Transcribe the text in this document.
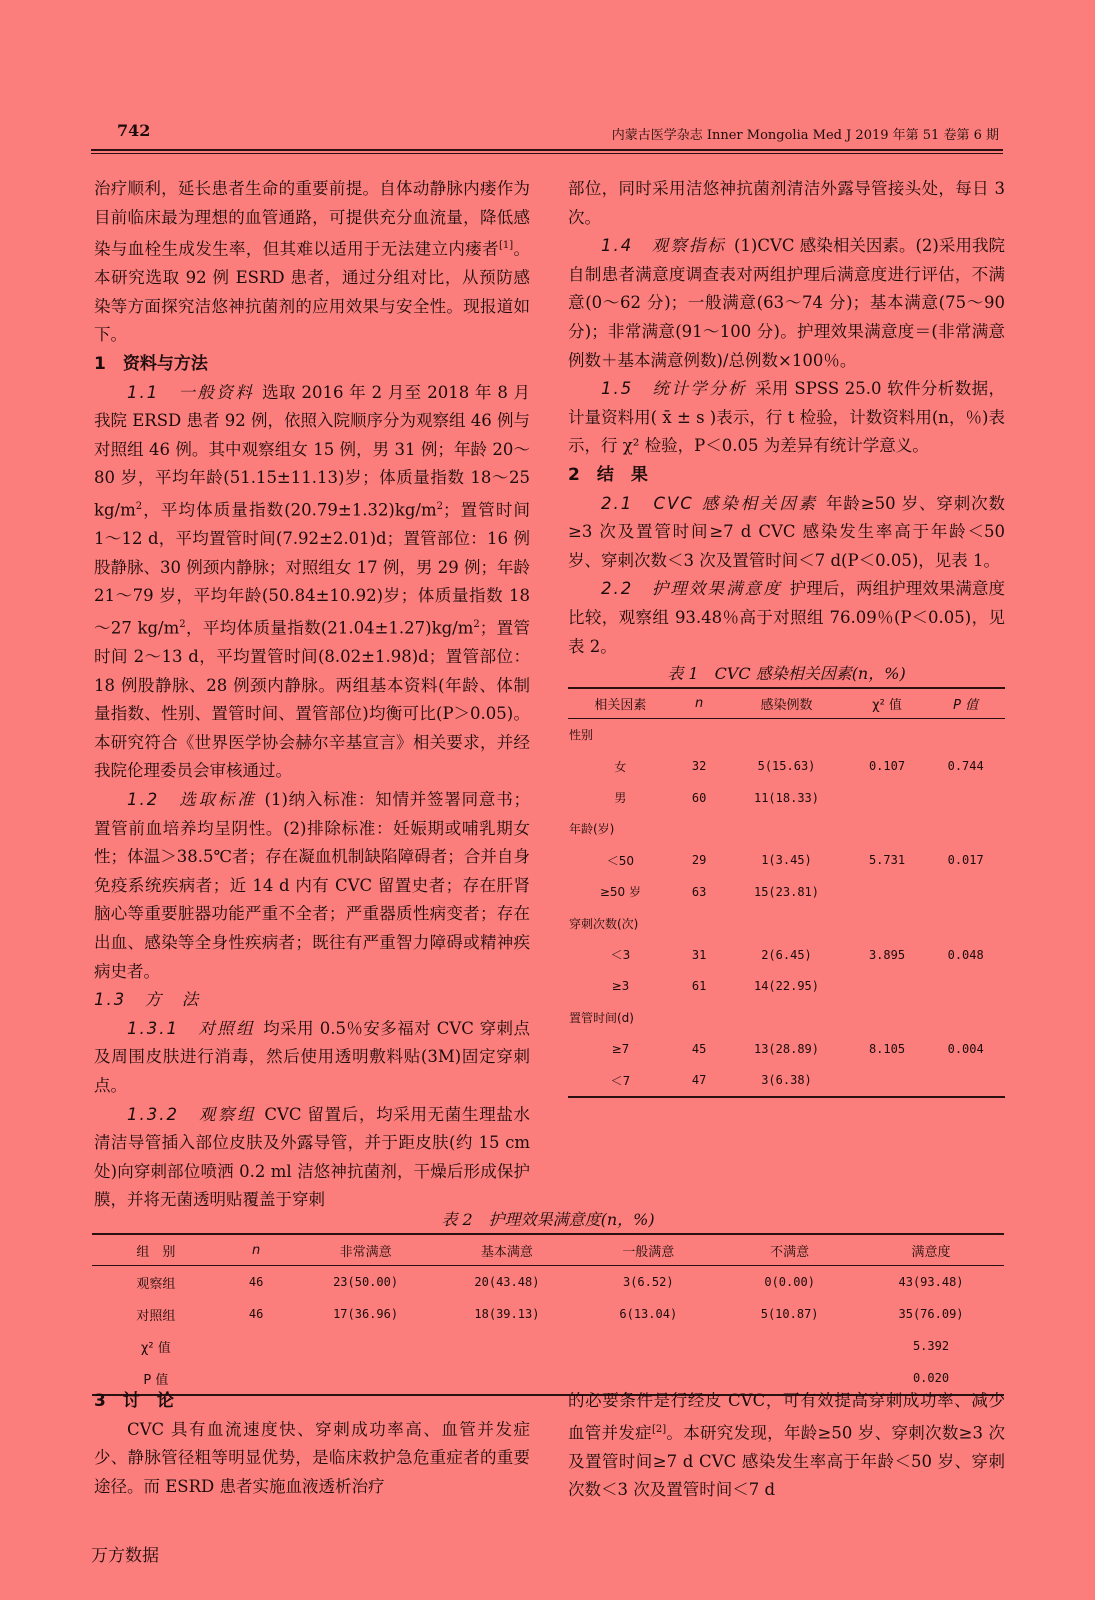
742	内蒙古医学杂志 Inner Mongolia Med J 2019 年第 51 卷第 6 期

治疗顺利，延长患者生命的重要前提。自体动静脉内瘘作为目前临床最为理想的血管通路，可提供充分血流量，降低感染与血栓生成发生率，但其难以适用于无法建立内瘘者[1]。本研究选取 92 例 ESRD 患者，通过分组对比，从预防感染等方面探究洁悠神抗菌剂的应用效果与安全性。现报道如下。

1　资料与方法

1.1　一般资料 选取 2016 年 2 月至 2018 年 8 月我院 ERSD 患者 92 例，依照入院顺序分为观察组 46 例与对照组 46 例。其中观察组女 15 例，男 31 例；年龄 20～80 岁，平均年龄(51.15±11.13)岁；体质量指数 18～25 $kg/m^2$，平均体质量指数$(20.79\pm 1.32)kg/m^2$；置管时间 1～12 d，平均置管时间(7.92±2.01)d；置管部位：16 例股静脉、30 例颈内静脉；对照组女 17 例，男 29 例；年龄 21～79 岁，平均年龄(50.84±10.92)岁；体质量指数 18～27 $kg/m^2$，平均体质量指数$(21.04\pm 1.27)kg/m^2$；置管时间 2～13 d，平均置管时间(8.02±1.98)d；置管部位：18 例股静脉、28 例颈内静脉。两组基本资料(年龄、体制量指数、性别、置管时间、置管部位)均衡可比(P＞0.05)。本研究符合《世界医学协会赫尔辛基宣言》相关要求，并经我院伦理委员会审核通过。

1.2　选取标准 (1)纳入标准：知情并签署同意书；置管前血培养均呈阴性。(2)排除标准：妊娠期或哺乳期女性；体温＞38.5℃者；存在凝血机制缺陷障碍者；合并自身免疫系统疾病者；近 14 d 内有 CVC 留置史者；存在肝肾脑心等重要脏器功能严重不全者；严重器质性病变者；存在出血、感染等全身性疾病者；既往有严重智力障碍或精神疾病史者。

1.3　方　法

1.3.1　对照组 均采用 0.5％安多福对 CVC 穿刺点及周围皮肤进行消毒，然后使用透明敷料贴(3M)固定穿刺点。

1.3.2　观察组 CVC 留置后，均采用无菌生理盐水清洁导管插入部位皮肤及外露导管，并于距皮肤(约 15 cm 处)向穿刺部位喷洒 0.2 ml 洁悠神抗菌剂，干燥后形成保护膜，并将无菌透明贴覆盖于穿刺

部位，同时采用洁悠神抗菌剂清洁外露导管接头处，每日 3 次。

1.4　观察指标 (1)CVC 感染相关因素。(2)采用我院自制患者满意度调查表对两组护理后满意度进行评估，不满意(0～62 分)；一般满意(63～74 分)；基本满意(75～90 分)；非常满意(91～100 分)。护理效果满意度＝(非常满意例数＋基本满意例数)/总例数×100％。

1.5　统计学分析 采用 SPSS 25.0 软件分析数据，计量资料用( x̄ ± s )表示，行 t 检验，计数资料用(n，％)表示，行 χ² 检验，P＜0.05 为差异有统计学意义。

2　结　果

2.1　CVC 感染相关因素 年龄≥50 岁、穿刺次数≥3 次及置管时间≥7 d CVC 感染发生率高于年龄＜50 岁、穿刺次数＜3 次及置管时间＜7 d(P＜0.05)，见表 1。

2.2　护理效果满意度 护理后，两组护理效果满意度比较，观察组 93.48％高于对照组 76.09％(P＜0.05)，见表 2。

表 1　CVC 感染相关因素(n，%)
相关因素	n	感染例数	χ² 值	P 值
性别				
女	32	5(15.63)	0.107	0.744
男	60	11(18.33)		
年龄(岁)				
＜50	29	1(3.45)	5.731	0.017
≥50 岁	63	15(23.81)		
穿刺次数(次)				
＜3	31	2(6.45)	3.895	0.048
≥3	61	14(22.95)		
置管时间(d)				
≥7	45	13(28.89)	8.105	0.004
＜7	47	3(6.38)		
表 2　护理效果满意度(n，%)
组　别	n	非常满意	基本满意	一般满意	不满意	满意度
观察组	46	23(50.00)	20(43.48)	3(6.52)	0(0.00)	43(93.48)
对照组	46	17(36.96)	18(39.13)	6(13.04)	5(10.87)	35(76.09)
χ² 值						5.392
P 值						0.020
3　讨　论

CVC 具有血流速度快、穿刺成功率高、血管并发症少、静脉管径粗等明显优势，是临床救护急危重症者的重要途径。而 ESRD 患者实施血液透析治疗

的必要条件是行经皮 CVC，可有效提高穿刺成功率、减少血管并发症[2]。本研究发现，年龄≥50 岁、穿刺次数≥3 次及置管时间≥7 d CVC 感染发生率高于年龄＜50 岁、穿刺次数＜3 次及置管时间＜7 d

万方数据
